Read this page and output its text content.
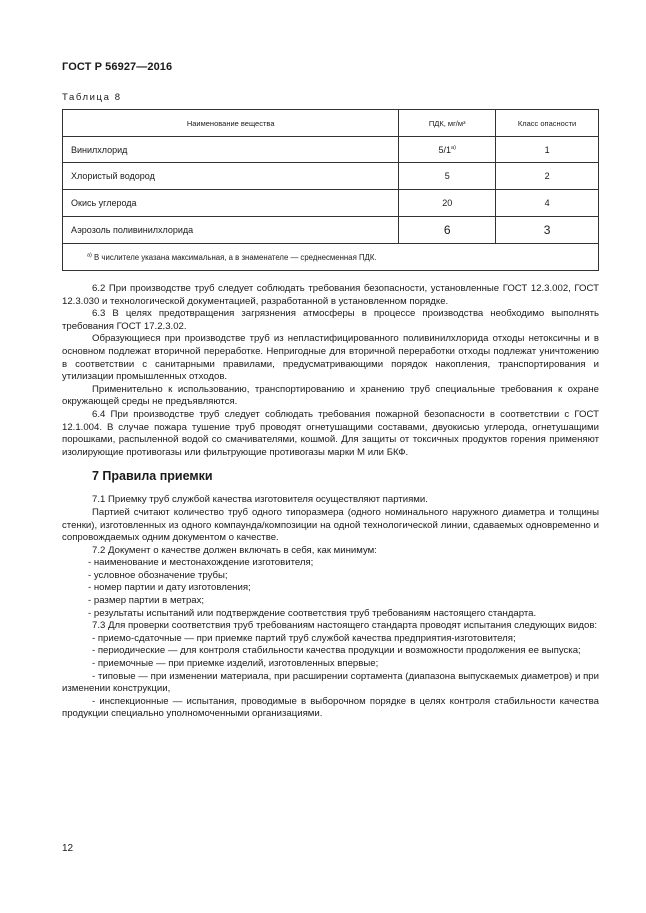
ГОСТ Р 56927—2016
Таблица 8
Наименование вещества	ПДК, мг/м³	Класс опасности
Винилхлорид	$5/1^{а)}$	1
Хлористый водород	5	2
Окись углерода	20	4
Аэрозоль поливинилхлорида	6	3
$^{а)}$ В числителе указана максимальная, а в знаменателе — среднесменная ПДК.		

6.2 При производстве труб следует соблюдать требования безопасности, установленные ГОСТ 12.3.002, ГОСТ 12.3.030 и технологической документацией, разработанной в установленном порядке.

6.3 В целях предотвращения загрязнения атмосферы в процессе производства необходимо выполнять требования ГОСТ 17.2.3.02.

Образующиеся при производстве труб из непластифицированного поливинилхлорида отходы нетоксичны и в основном подлежат вторичной переработке. Непригодные для вторичной переработки отходы подлежат уничтожению в соответствии с санитарными правилами, предусматривающими порядок накопления, транспортирования и утилизации промышленных отходов.

Применительно к использованию, транспортированию и хранению труб специальные требования к охране окружающей среды не предъявляются.

6.4 При производстве труб следует соблюдать требования пожарной безопасности в соответствии с ГОСТ 12.1.004. В случае пожара тушение труб проводят огнетушащими составами, двуокисью углерода, огнетушащими порошками, распыленной водой со смачивателями, кошмой. Для защиты от токсичных продуктов горения применяют изолирующие противогазы или фильтрующие противогазы марки М или БКФ.

7 Правила приемки

7.1 Приемку труб службой качества изготовителя осуществляют партиями.

Партией считают количество труб одного типоразмера (одного номинального наружного диаметра и толщины стенки), изготовленных из одного компаунда/композиции на одной технологической линии, сдаваемых одновременно и сопровождаемых одним документом о качестве.

7.2 Документ о качестве должен включать в себя, как минимум:

- наименование и местонахождение изготовителя;

- условное обозначение трубы;

- номер партии и дату изготовления;

- размер партии в метрах;

- результаты испытаний или подтверждение соответствия труб требованиям настоящего стандарта.

7.3 Для проверки соответствия труб требованиям настоящего стандарта проводят испытания следующих видов:

- приемо-сдаточные — при приемке партий труб службой качества предприятия-изготовителя;

- периодические — для контроля стабильности качества продукции и возможности продолжения ее выпуска;

- приемочные — при приемке изделий, изготовленных впервые;

- типовые — при изменении материала, при расширении сортамента (диапазона выпускаемых диаметров) и при изменении конструкции,

- инспекционные — испытания, проводимые в выборочном порядке в целях контроля стабильности качества продукции специально уполномоченными организациями.

12
